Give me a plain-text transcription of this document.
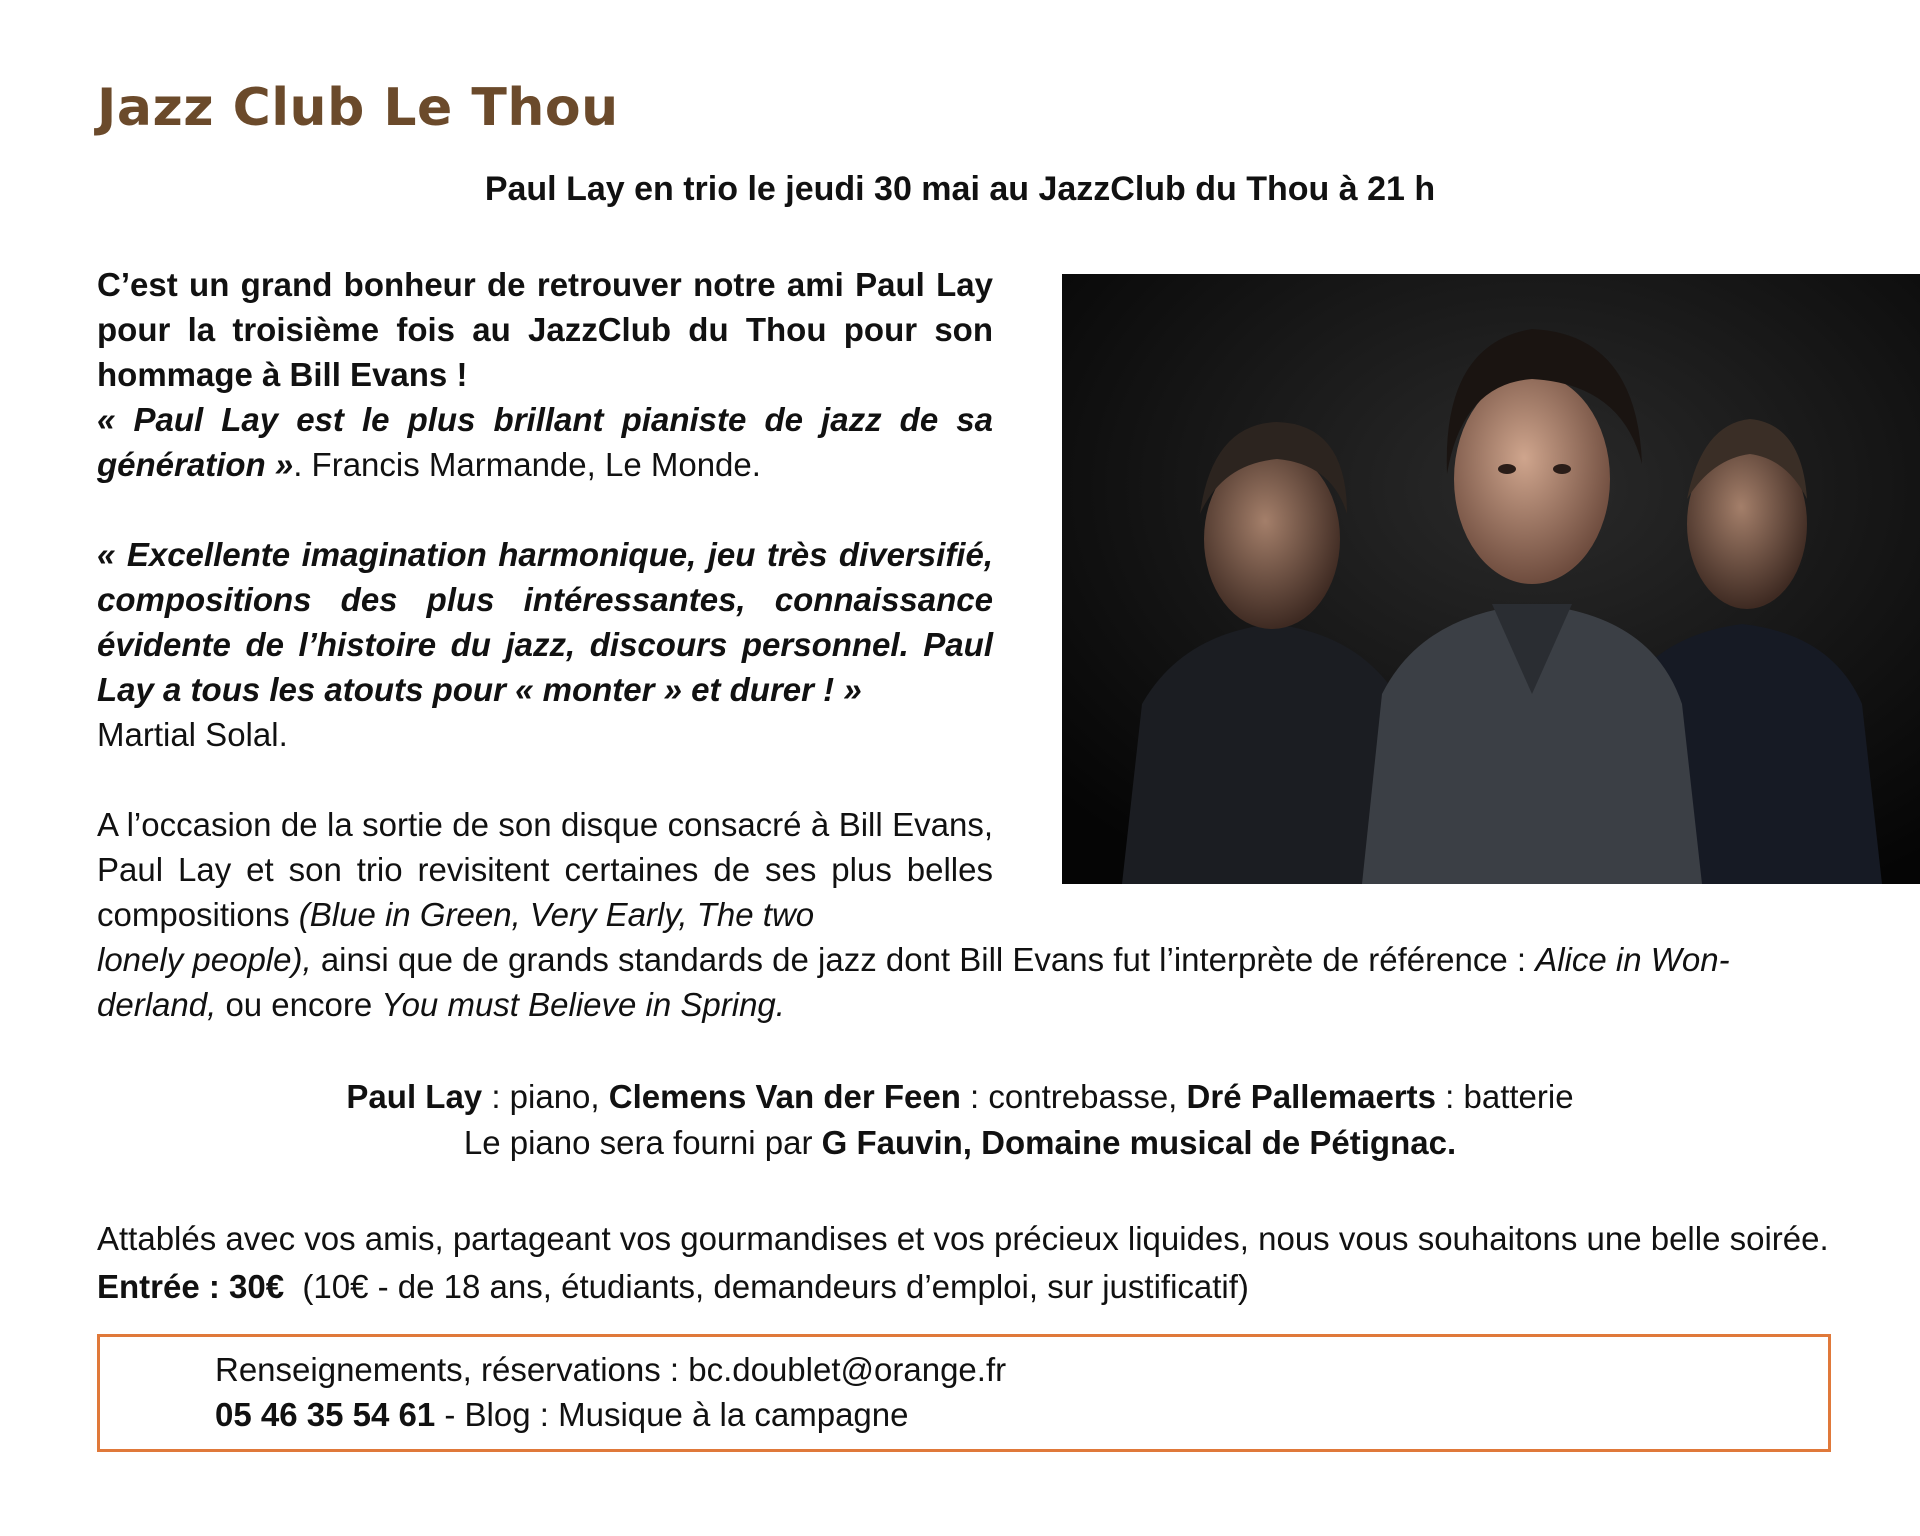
Jazz Club Le Thou
Paul Lay en trio le jeudi 30 mai au JazzClub du Thou à 21 h

C’est un grand bonheur de retrouver notre ami Paul Lay pour la troisième fois au JazzClub du Thou pour son hommage à Bill Evans !

« Paul Lay est le plus brillant pianiste de jazz de sa génération ». Francis Marmande, Le Monde.

« Excellente imagination harmonique, jeu très diversifié, compositions des plus intéressantes, connaissance évidente de l’histoire du jazz, discours personnel. Paul Lay a tous les atouts pour « monter » et durer ! »

Martial Solal.

A l’occasion de la sortie de son disque consacré à Bill Evans, Paul Lay et son trio revisitent certaines de ses plus belles compositions (Blue in Green, Very Early, The two

lonely people), ainsi que de grands standards de jazz dont Bill Evans fut l’interprète de référence : Alice in Won-

derland, ou encore You must Believe in Spring.

Paul Lay : piano, Clemens Van der Feen : contrebasse, Dré Pallemaerts : batterie

Le piano sera fourni par G Fauvin, Domaine musical de Pétignac.

Attablés avec vos amis, partageant vos gourmandises et vos précieux liquides, nous vous souhaitons une belle soirée.

Entrée : 30€  (10€ - de 18 ans, étudiants, demandeurs d’emploi, sur justificatif)

Renseignements, réservations : bc.doublet@orange.fr
05 46 35 54 61 - Blog : Musique à la campagne
